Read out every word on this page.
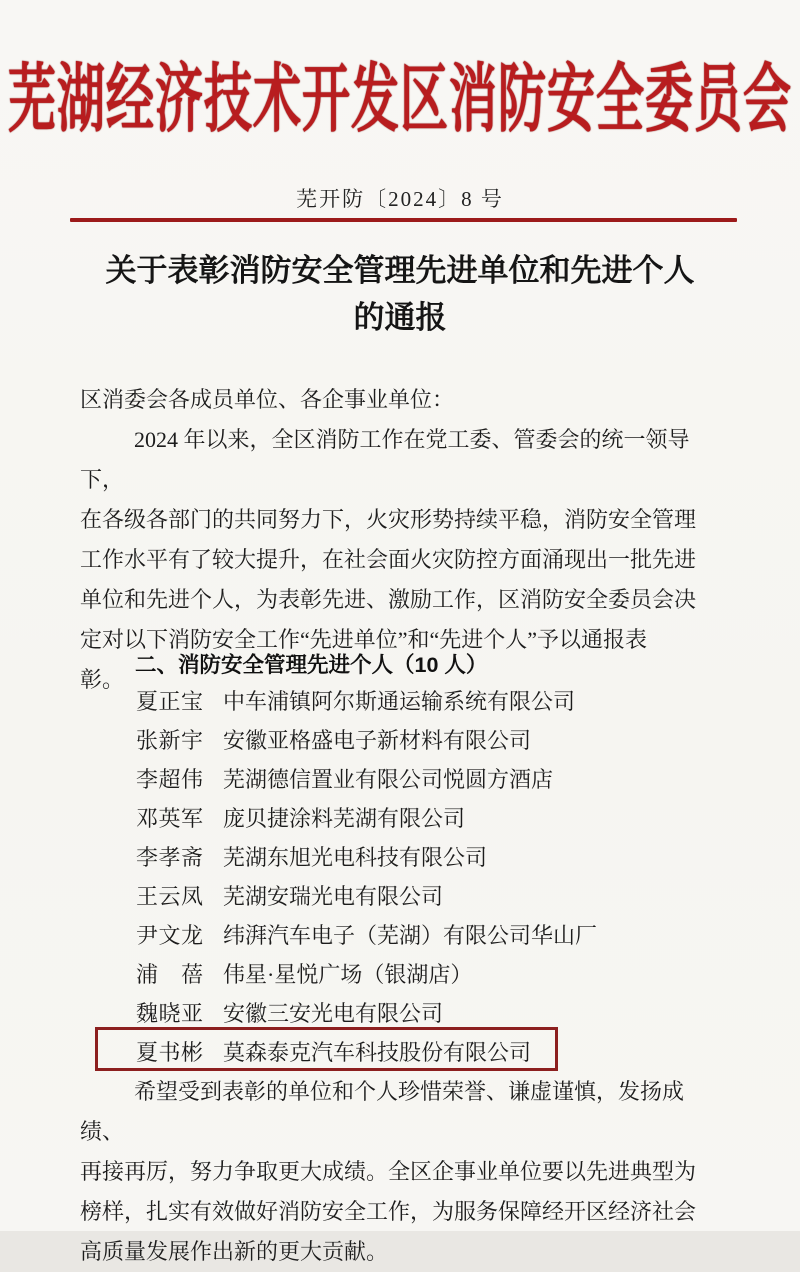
芜湖经济技术开发区消防安全委员会
芜开防〔2024〕8 号
关于表彰消防安全管理先进单位和先进个人
的通报
区消委会各成员单位、各企事业单位：
2024 年以来，全区消防工作在党工委、管委会的统一领导下，
在各级各部门的共同努力下，火灾形势持续平稳，消防安全管理
工作水平有了较大提升，在社会面火灾防控方面涌现出一批先进
单位和先进个人，为表彰先进、激励工作，区消防安全委员会决
定对以下消防安全工作“先进单位”和“先进个人”予以通报表
彰。
二、消防安全管理先进个人（10 人）
夏正宝 中车浦镇阿尔斯通运输系统有限公司
张新宇 安徽亚格盛电子新材料有限公司
李超伟 芜湖德信置业有限公司悦圆方酒店
邓英军 庞贝捷涂料芜湖有限公司
李孝斋 芜湖东旭光电科技有限公司
王云凤 芜湖安瑞光电有限公司
尹文龙 纬湃汽车电子（芜湖）有限公司华山厂
浦蓓 伟星·星悦广场（银湖店）
魏晓亚 安徽三安光电有限公司
夏书彬 莫森泰克汽车科技股份有限公司
希望受到表彰的单位和个人珍惜荣誉、谦虚谨慎，发扬成绩、
再接再厉，努力争取更大成绩。全区企事业单位要以先进典型为
榜样，扎实有效做好消防安全工作，为服务保障经开区经济社会
高质量发展作出新的更大贡献。
